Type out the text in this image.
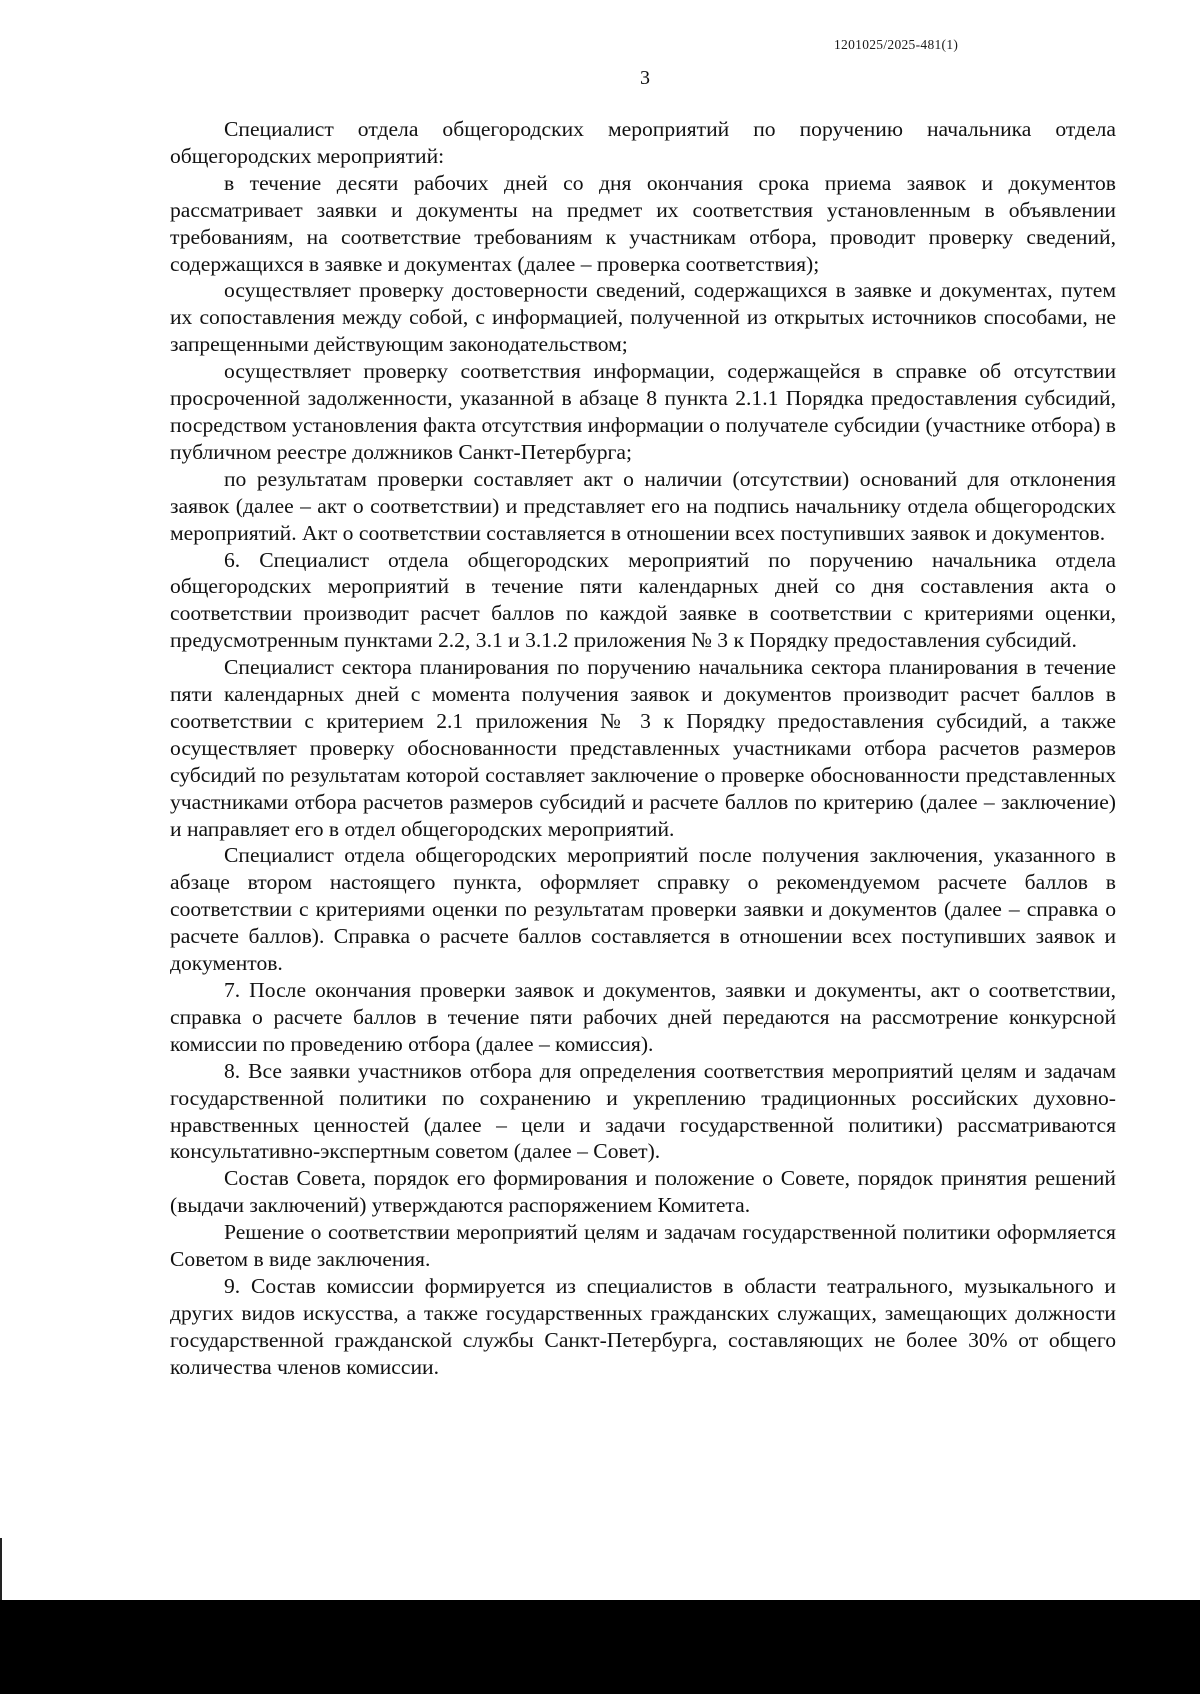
1201025/2025-481(1)
3

Специалист отдела общегородских мероприятий по поручению начальника отдела общегородских мероприятий:

в течение десяти рабочих дней со дня окончания срока приема заявок и документов рассматривает заявки и документы на предмет их соответствия установленным в объявлении требованиям, на соответствие требованиям к участникам отбора, проводит проверку сведений, содержащихся в заявке и документах (далее – проверка соответствия);

осуществляет проверку достоверности сведений, содержащихся в заявке и документах, путем их сопоставления между собой, с информацией, полученной из открытых источников способами, не запрещенными действующим законодательством;

осуществляет проверку соответствия информации, содержащейся в справке об отсутствии просроченной задолженности, указанной в абзаце 8 пункта 2.1.1 Порядка предоставления субсидий, посредством установления факта отсутствия информации о получателе субсидии (участнике отбора) в публичном реестре должников Санкт-Петербурга;

по результатам проверки составляет акт о наличии (отсутствии) оснований для отклонения заявок (далее – акт о соответствии) и представляет его на подпись начальнику отдела общегородских мероприятий. Акт о соответствии составляется в отношении всех поступивших заявок и документов.

6. Специалист отдела общегородских мероприятий по поручению начальника отдела общегородских мероприятий в течение пяти календарных дней со дня составления акта о соответствии производит расчет баллов по каждой заявке в соответствии с критериями оценки, предусмотренным пунктами 2.2, 3.1 и 3.1.2 приложения № 3 к Порядку предоставления субсидий.

Специалист сектора планирования по поручению начальника сектора планирования в течение пяти календарных дней с момента получения заявок и документов производит расчет баллов в соответствии с критерием 2.1 приложения № 3 к Порядку предоставления субсидий, а также осуществляет проверку обоснованности представленных участниками отбора расчетов размеров субсидий по результатам которой составляет заключение о проверке обоснованности представленных участниками отбора расчетов размеров субсидий и расчете баллов по критерию (далее – заключение) и направляет его в отдел общегородских мероприятий.

Специалист отдела общегородских мероприятий после получения заключения, указанного в абзаце втором настоящего пункта, оформляет справку о рекомендуемом расчете баллов в соответствии с критериями оценки по результатам проверки заявки и документов (далее – справка о расчете баллов). Справка о расчете баллов составляется в отношении всех поступивших заявок и документов.

7. После окончания проверки заявок и документов, заявки и документы, акт о соответствии, справка о расчете баллов в течение пяти рабочих дней передаются на рассмотрение конкурсной комиссии по проведению отбора (далее – комиссия).

8. Все заявки участников отбора для определения соответствия мероприятий целям и задачам государственной политики по сохранению и укреплению традиционных российских духовно-нравственных ценностей (далее – цели и задачи государственной политики) рассматриваются консультативно-экспертным советом (далее – Совет).

Состав Совета, порядок его формирования и положение о Совете, порядок принятия решений (выдачи заключений) утверждаются распоряжением Комитета.

Решение о соответствии мероприятий целям и задачам государственной политики оформляется Советом в виде заключения.

9. Состав комиссии формируется из специалистов в области театрального, музыкального и других видов искусства, а также государственных гражданских служащих, замещающих должности государственной гражданской службы Санкт-Петербурга, составляющих не более 30% от общего количества членов комиссии.
